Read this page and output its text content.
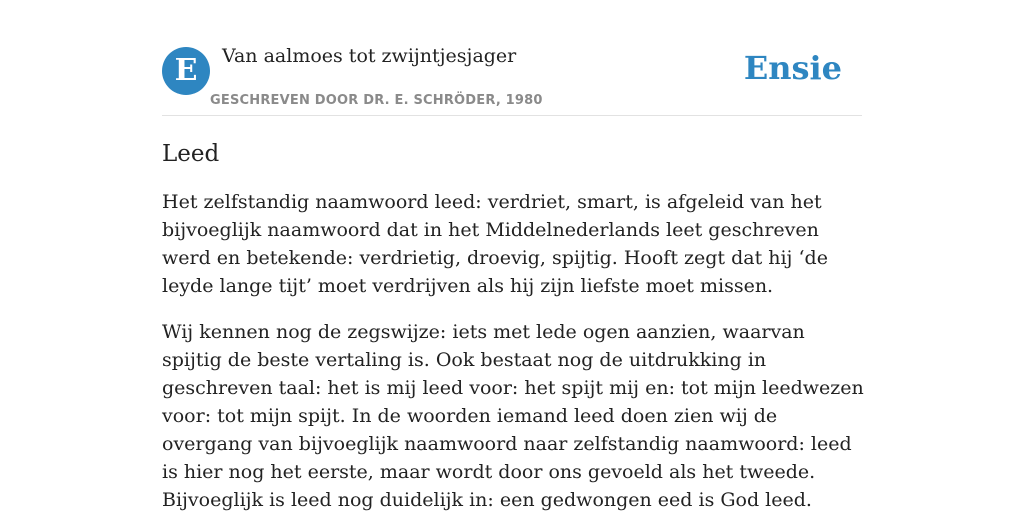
E	Van aalmoes tot zwijntjesjager
GESCHREVEN DOOR DR. E. SCHRÖDER, 1980
Ensie
Leed

Het zelfstandig naamwoord leed: verdriet, smart, is afgeleid van het bijvoeglijk naamwoord dat in het Middelnederlands leet geschreven werd en betekende: verdrietig, droevig, spijtig. Hooft zegt dat hij ‘de leyde lange tijt’ moet verdrijven als hij zijn liefste moet missen.

Wij kennen nog de zegswijze: iets met lede ogen aanzien, waarvan spijtig de beste vertaling is. Ook bestaat nog de uitdrukking in geschreven taal: het is mij leed voor: het spijt mij en: tot mijn leedwezen voor: tot mijn spijt. In de woorden iemand leed doen zien wij de overgang van bijvoeglijk naamwoord naar zelfstandig naamwoord: leed is hier nog het eerste, maar wordt door ons gevoeld als het tweede. Bijvoeglijk is leed nog duidelijk in: een gedwongen eed is God leed.
